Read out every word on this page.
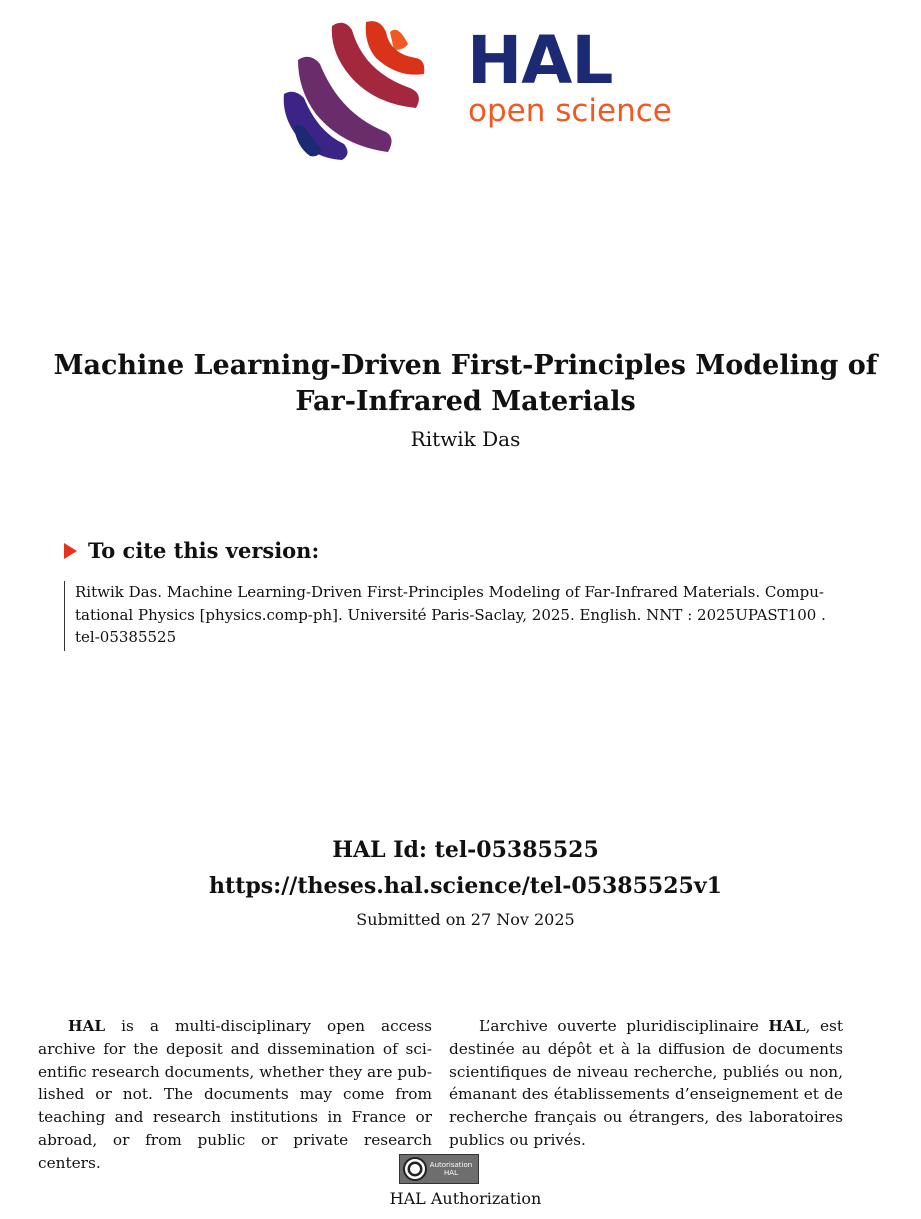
HAL
open science
Machine Learning-Driven First-Principles Modeling of
Far-Infrared Materials
Ritwik Das
To cite this version:
Ritwik Das. Machine Learning-Driven First-Principles Modeling of Far-Infrared Materials. Compu-
tational Physics [physics.comp-ph]. Université Paris-Saclay, 2025. English. NNT : 2025UPAST100 .
tel-05385525
HAL Id: tel-05385525
https://theses.hal.science/tel-05385525v1
Submitted on 27 Nov 2025
HAL is a multi-disciplinary open access archive for the deposit and dissemination of sci- entific research documents, whether they are pub- lished or not. The documents may come from teaching and research institutions in France or abroad, or from public or private research centers.
L’archive ouverte pluridisciplinaire HAL, est destinée au dépôt et à la diffusion de documents scientifiques de niveau recherche, publiés ou non, émanant des établissements d’enseignement et de recherche français ou étrangers, des laboratoires publics ou privés.
Autorisation
HAL
HAL Authorization
